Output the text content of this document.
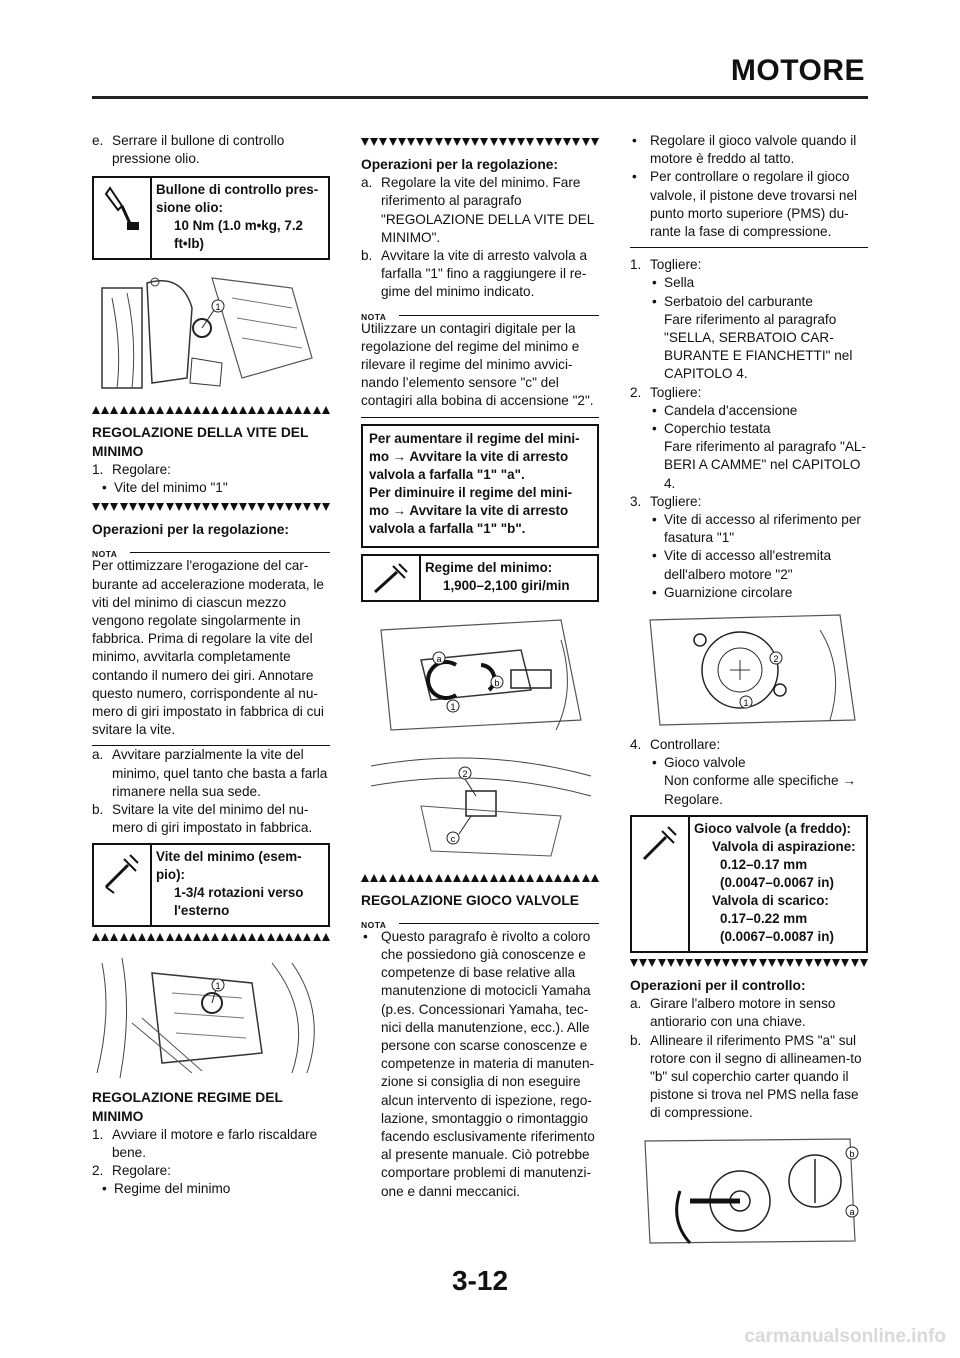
MOTORE
e. Serrare il bullone di controllo pressione olio.
Bullone di controllo pres-sione olio:
10 Nm (1.0 m•kg, 7.2 ft•lb)
1

REGOLAZIONE DELLA VITE DEL MINIMO

1. Regolare:
• Vite del minimo "1"

Operazioni per la regolazione:

NOTA

Per ottimizzare l'erogazione del car-burante ad accelerazione moderata, le viti del minimo di ciascun mezzo vengono regolate singolarmente in fabbrica. Prima di regolare la vite del minimo, avvitarla completamente contando il numero dei giri. Annotare questo numero, corrispondente al nu-mero di giri impostato in fabbrica di cui svitare la vite.

a. Avvitare parzialmente la vite del minimo, quel tanto che basta a farla rimanere nella sua sede.
b. Svitare la vite del minimo del nu-mero di giri impostato in fabbrica.
Vite del minimo (esem-pio):
1-3/4 rotazioni verso l'esterno
1

REGOLAZIONE REGIME DEL MINIMO

1. Avviare il motore e farlo riscaldare bene.
2. Regolare:
• Regime del minimo

Operazioni per la regolazione:

a. Regolare la vite del minimo. Fare riferimento al paragrafo "REGOLAZIONE DELLA VITE DEL MINIMO".
b. Avvitare la vite di arresto valvola a farfalla "1" fino a raggiungere il re-gime del minimo indicato.
NOTA

Utilizzare un contagiri digitale per la regolazione del regime del minimo e rilevare il regime del minimo avvici-nando l’elemento sensore "c" del contagiri alla bobina di accensione "2".

Per aumentare il regime del mini-mo → Avvitare la vite di arresto valvola a farfalla "1" "a".
Per diminuire il regime del mini-mo → Avvitare la vite di arresto valvola a farfalla "1" "b".
Regime del minimo:
1,900–2,100 giri/min
a
b
1
2
c

REGOLAZIONE GIOCO VALVOLE

NOTA
• Questo paragrafo è rivolto a coloro che possiedono già conoscenze e competenze di base relative alla manutenzione di motocicli Yamaha (p.es. Concessionari Yamaha, tec-nici della manutenzione, ecc.). Alle persone con scarse conoscenze e competenze in materia di manuten-zione si consiglia di non eseguire alcun intervento di ispezione, rego-lazione, smontaggio o rimontaggio facendo esclusivamente riferimento al presente manuale. Ciò potrebbe comportare problemi di manutenzi-one e danni meccanici.
• Regolare il gioco valvole quando il motore è freddo al tatto.
• Per controllare o regolare il gioco valvole, il pistone deve trovarsi nel punto morto superiore (PMS) du-rante la fase di compressione.
1. Togliere:
• Sella
• Serbatoio del carburante
Fare riferimento al paragrafo "SELLA, SERBATOIO CAR-BURANTE E FIANCHETTI" nel CAPITOLO 4.
2. Togliere:
• Candela d'accensione
• Coperchio testata
Fare riferimento al paragrafo "AL-BERI A CAMME" nel CAPITOLO 4.
3. Togliere:
• Vite di accesso al riferimento per fasatura "1"
• Vite di accesso all'estremita dell'albero motore "2"
• Guarnizione circolare
1
2
4. Controllare:
• Gioco valvole
Non conforme alle specifiche → Regolare.
Gioco valvole (a freddo):
Valvola di aspirazione:
0.12–0.17 mm
(0.0047–0.0067 in)
Valvola di scarico:
0.17–0.22 mm
(0.0067–0.0087 in)

Operazioni per il controllo:

a. Girare l'albero motore in senso antiorario con una chiave.
b. Allineare il riferimento PMS "a" sul rotore con il segno di allineamen-to "b" sul coperchio carter quando il pistone si trova nel PMS nella fase di compressione.
b
a
3-12
carmanualsonline.info
